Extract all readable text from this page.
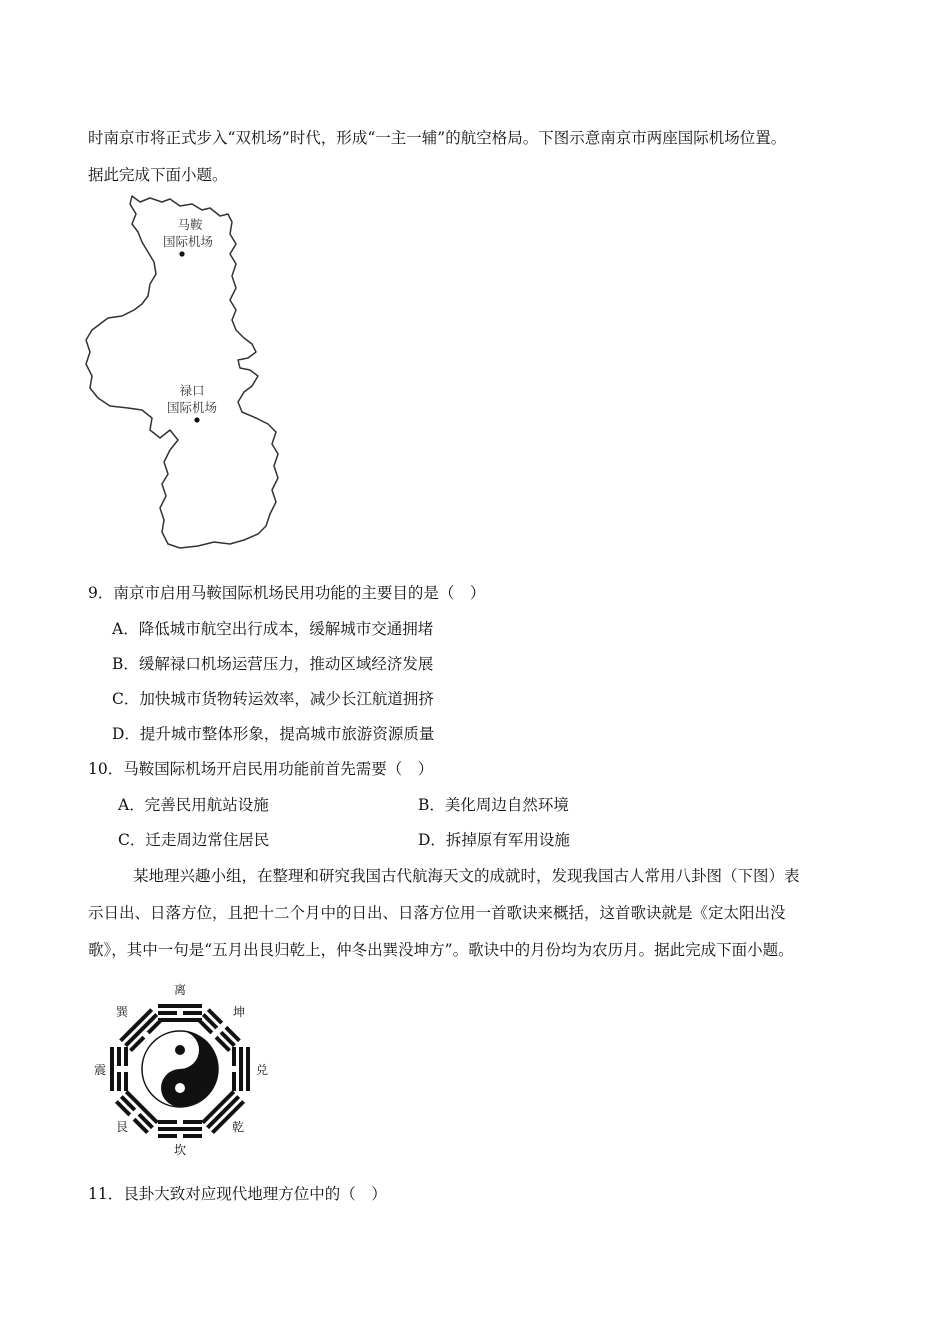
时南京市将正式步入“双机场”时代，形成“一主一辅”的航空格局。下图示意南京市两座国际机场位置。
据此完成下面小题。
马鞍
国际机场
禄口
国际机场
9．南京市启用马鞍国际机场民用功能的主要目的是（　）
A．降低城市航空出行成本，缓解城市交通拥堵
B．缓解禄口机场运营压力，推动区域经济发展
C．加快城市货物转运效率，减少长江航道拥挤
D．提升城市整体形象，提高城市旅游资源质量
10．马鞍国际机场开启民用功能前首先需要（　）
A．完善民用航站设施	B．美化周边自然环境
C．迁走周边常住居民	D．拆掉原有军用设施
某地理兴趣小组，在整理和研究我国古代航海天文的成就时，发现我国古人常用八卦图（下图）表
示日出、日落方位，且把十二个月中的日出、日落方位用一首歌诀来概括，这首歌诀就是《定太阳出没
歌》，其中一句是“五月出艮归乾上，仲冬出巽没坤方”。歌诀中的月份均为农历月。据此完成下面小题。
离
坤
兑
乾
坎
艮
震
巽
11．艮卦大致对应现代地理方位中的（　）
